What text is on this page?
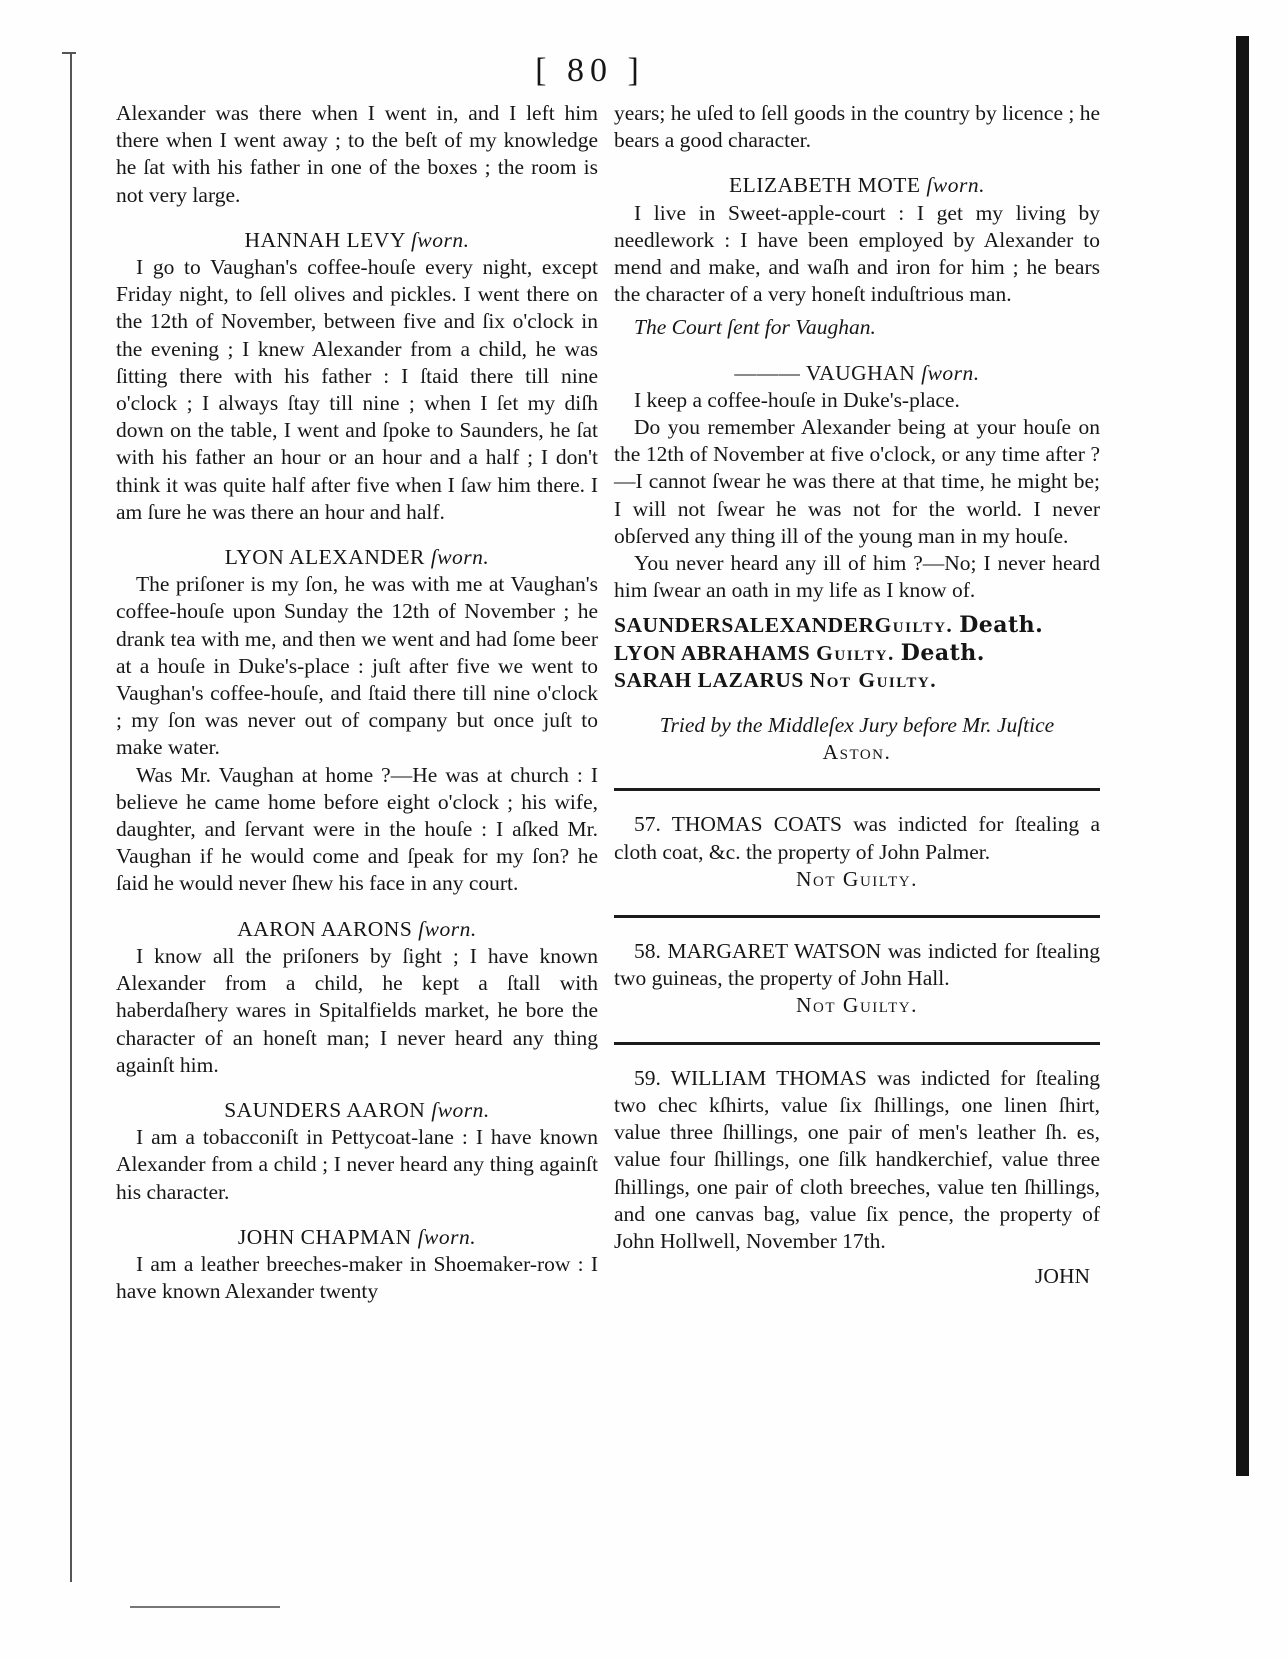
[ 80 ]

Alexander was there when I went in, and I left him there when I went away ; to the beſt of my knowledge he ſat with his father in one of the boxes ; the room is not very large.

HANNAH LEVY ſworn.

I go to Vaughan's coffee-houſe every night, except Friday night, to ſell olives and pickles. I went there on the 12th of November, between five and ſix o'clock in the evening ; I knew Alexander from a child, he was ſitting there with his father : I ſtaid there till nine o'clock ; I always ſtay till nine ; when I ſet my diſh down on the table, I went and ſpoke to Saunders, he ſat with his father an hour or an hour and a half ; I don't think it was quite half after five when I ſaw him there. I am ſure he was there an hour and half.

LYON ALEXANDER ſworn.

The priſoner is my ſon, he was with me at Vaughan's coffee-houſe upon Sunday the 12th of November ; he drank tea with me, and then we went and had ſome beer at a houſe in Duke's-place : juſt after five we went to Vaughan's coffee-houſe, and ſtaid there till nine o'clock ; my ſon was never out of company but once juſt to make water.

Was Mr. Vaughan at home ?—He was at church : I believe he came home before eight o'clock ; his wife, daughter, and ſervant were in the houſe : I aſked Mr. Vaughan if he would come and ſpeak for my ſon? he ſaid he would never ſhew his face in any court.

AARON AARONS ſworn.

I know all the priſoners by ſight ; I have known Alexander from a child, he kept a ſtall with haberdaſhery wares in Spitalfields market, he bore the character of an honeſt man; I never heard any thing againſt him.

SAUNDERS AARON ſworn.

I am a tobacconiſt in Pettycoat-lane : I have known Alexander from a child ; I never heard any thing againſt his character.

JOHN CHAPMAN ſworn.

I am a leather breeches-maker in Shoemaker-row : I have known Alexander twenty

years; he uſed to ſell goods in the country by licence ; he bears a good character.

ELIZABETH MOTE ſworn.

I live in Sweet-apple-court : I get my living by needlework : I have been employed by Alexander to mend and make, and waſh and iron for him ; he bears the character of a very honeſt induſtrious man.

The Court ſent for Vaughan.

——— VAUGHAN ſworn.

I keep a coffee-houſe in Duke's-place.

Do you remember Alexander being at your houſe on the 12th of November at five o'clock, or any time after ?—I cannot ſwear he was there at that time, he might be; I will not ſwear he was not for the world. I never obſerved any thing ill of the young man in my houſe.

You never heard any ill of him ?—No; I never heard him ſwear an oath in my life as I know of.

SAUNDERSALEXANDERGuilty. Death.

LYON ABRAHAMS Guilty. Death.

SARAH LAZARUS Not Guilty.

Tried by the Middleſex Jury before Mr. Juſtice

Aston.

57. THOMAS COATS was indicted for ſtealing a cloth coat, &c. the property of John Palmer.

Not Guilty.

58. MARGARET WATSON was indicted for ſtealing two guineas, the property of John Hall.

Not Guilty.

59. WILLIAM THOMAS was indicted for ſtealing two chec kſhirts, value ſix ſhillings, one linen ſhirt, value three ſhillings, one pair of men's leather ſh. es, value four ſhillings, one ſilk handkerchief, value three ſhillings, one pair of cloth breeches, value ten ſhillings, and one canvas bag, value ſix pence, the property of John Hollwell, November 17th.

JOHN
